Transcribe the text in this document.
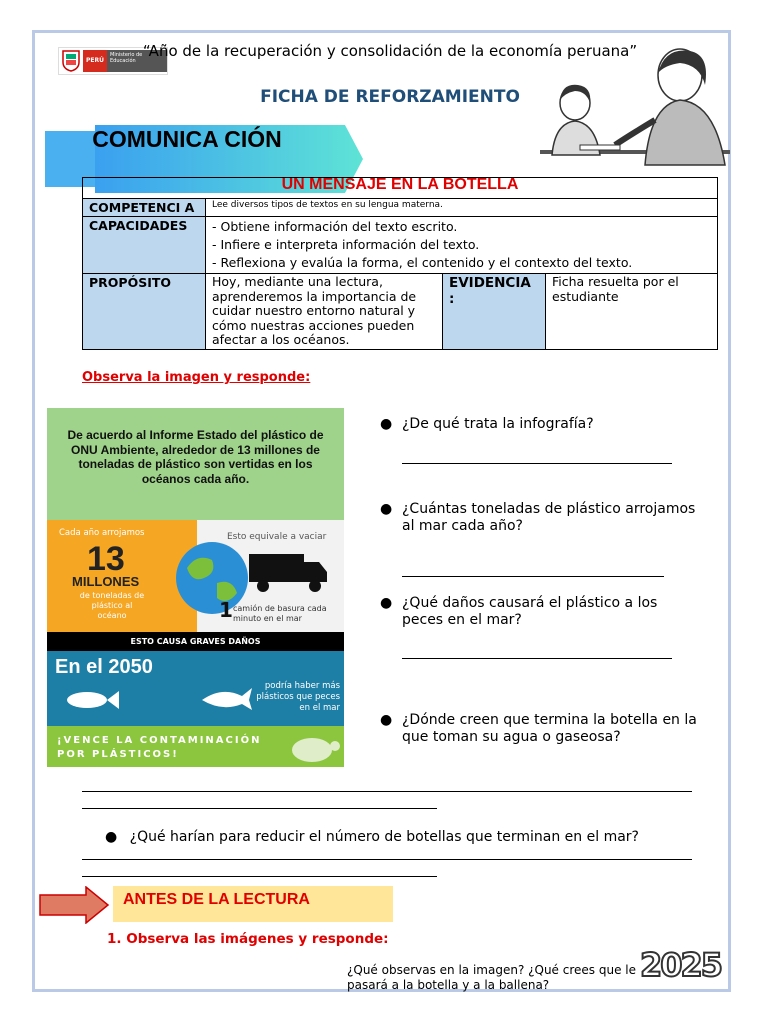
PERÚ
Ministerio de Educación
“Año de la recuperación y consolidación de la economía peruana”
FICHA DE REFORZAMIENTO
COMUNICA CIÓN

COMPETENCI A	Lee diversos tipos de textos en su lengua materna.		
CAPACIDADES	- Obtiene información del texto escrito.
- Infiere e interpreta información del texto.
- Reflexiona y evalúa la forma, el contenido y el contexto del texto.		

PROPÓSITO	Hoy, mediante una lectura, aprenderemos la importancia de cuidar nuestro entorno natural y cómo nuestras acciones pueden afectar a los océanos.	EVIDENCIA :	Ficha resuelta por el estudiante
UN MENSAJE EN LA BOTELLA
Observa la imagen y responde:
De acuerdo al Informe Estado del plástico de ONU Ambiente, alrededor de 13 millones de toneladas de plástico son vertidas en los océanos cada año.
Cada año arrojamos
13
MILLONES
de toneladas de plástico al océano
Esto equivale a vaciar
1 camión de basura cada minuto en el mar
ESTO CAUSA GRAVES DAÑOS
En el 2050
podría haber más plásticos que peces en el mar
¡VENCE LA CONTAMINACIÓN POR PLÁSTICOS!
● ¿De qué trata la infografía?
● ¿Cuántas toneladas de plástico arrojamos al mar cada año?
● ¿Qué daños causará el plástico a los peces en el mar?
● ¿Dónde creen que termina la botella en la que toman su agua o gaseosa?
● ¿Qué harían para reducir el número de botellas que terminan en el mar?
ANTES DE LA LECTURA
1. Observa las imágenes y responde:
¿Qué observas en la imagen? ¿Qué crees que le pasará a la botella y a la ballena?
2025
